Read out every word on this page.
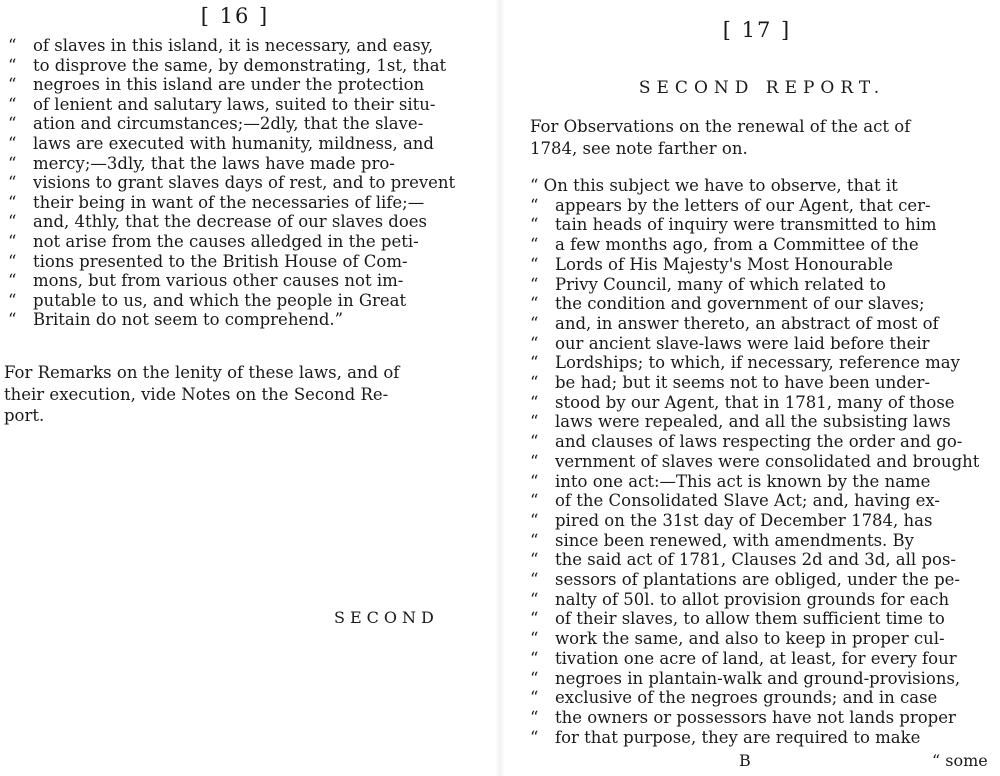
[ 16 ]
“	of slaves in this island, it is necessary, and easy,
“	to disprove the same, by demonstrating, 1st, that
“	negroes in this island are under the protection
“	of lenient and salutary laws, suited to their situ-
“	ation and circumstances;—2dly, that the slave-
“	laws are executed with humanity, mildness, and
“	mercy;—3dly, that the laws have made pro-
“	visions to grant slaves days of rest, and to prevent
“	their being in want of the necessaries of life;—
“	and, 4thly, that the decrease of our slaves does
“	not arise from the causes alledged in the peti-
“	tions presented to the British House of Com-
“	mons, but from various other causes not im-
“	putable to us, and which the people in Great
“	Britain do not seem to comprehend.”
For Remarks on the lenity of these laws, and of
their execution, vide Notes on the Second Re-
port.
SECOND
[ 17 ]
SECOND REPORT.
For Observations on the renewal of the act of
1784, see note farther on.
“ On this subject we have to observe, that it
“	appears by the letters of our Agent, that cer-
“	tain heads of inquiry were transmitted to him
“	a few months ago, from a Committee of the
“	Lords of His Majesty's Most Honourable
“	Privy Council, many of which related to
“	the condition and government of our slaves;
“	and, in answer thereto, an abstract of most of
“	our ancient slave-laws were laid before their
“	Lordships; to which, if necessary, reference may
“	be had; but it seems not to have been under-
“	stood by our Agent, that in 1781, many of those
“	laws were repealed, and all the subsisting laws
“	and clauses of laws respecting the order and go-
“	vernment of slaves were consolidated and brought
“	into one act:—This act is known by the name
“	of the Consolidated Slave Act; and, having ex-
“	pired on the 31st day of December 1784, has
“	since been renewed, with amendments. By
“	the said act of 1781, Clauses 2d and 3d, all pos-
“	sessors of plantations are obliged, under the pe-
“	nalty of 50l. to allot provision grounds for each
“	of their slaves, to allow them sufficient time to
“	work the same, and also to keep in proper cul-
“	tivation one acre of land, at least, for every four
“	negroes in plantain-walk and ground-provisions,
“	exclusive of the negroes grounds; and in case
“	the owners or possessors have not lands proper
“	for that purpose, they are required to make
B	“ some
